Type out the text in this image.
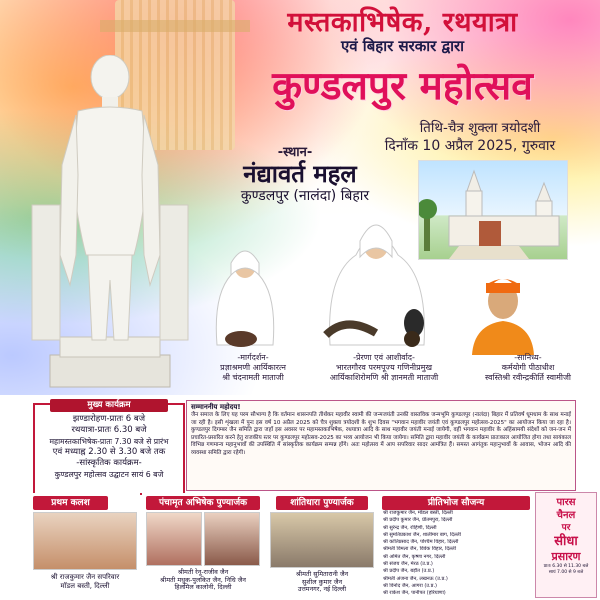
मस्तकाभिषेक, रथयात्रा
एवं बिहार सरकार द्वारा
कुण्डलपुर महोत्सव
तिथि-चैत्र शुक्ला त्रयोदशी
दिनाँक 10 अप्रैल 2025, गुरुवार
-स्थान-
नंद्यावर्त महल
कुण्डलपुर (नालंदा) बिहार
-मार्गदर्शन-
प्रज्ञाश्रमणी आर्यिकारत्न
श्री चंदनामती माताजी
-प्रेरणा एवं आशीर्वाद-
भारतगौरव परमपूज्य गणिनीप्रमुख
आर्यिकाशिरोमणि श्री ज्ञानमती माताजी
-सानिध्य-
कर्मयोगी पीठाधीश
स्वस्तिश्री रवीन्द्रकीर्ति स्वामीजी
मुख्य कार्यक्रम
झण्डारोहण-प्रातः 6 बजे
रथयात्रा-प्रातः 6.30 बजे
महामस्तकाभिषेक-प्रातः 7.30 बजे से प्रारंभ
एवं मध्याह्न 2.30 से 3.30 बजे तक
-सांस्कृतिक कार्यक्रम-
कुण्डलपुर महोत्सव उद्घाटन सायं 6 बजे
सम्माननीय महोदय!
जैन समाज के लिए यह परम सौभाग्य है कि वर्तमान शासनपति तीर्थंकर महावीर स्वामी की जन्मजयंती उनकी वास्तविक जन्मभूमि कुण्डलपुर (नालंदा) बिहार में प्रतिवर्ष धूमधाम के साथ मनाई जा रही है। इसी शृंखला में पुनः इस वर्ष 10 अप्रैल 2025 को चैत्र शुक्ला त्रयोदशी के शुभ दिवस "भगवान महावीर जयंती एवं कुण्डलपुर महोत्सव-2025" का आयोजन किया जा रहा है। कुण्डलपुर दिगम्बर जैन समिति द्वारा जहाँ इस अवसर पर महामस्तकाभिषेक, रथयात्रा आदि के साथ महावीर जयंती मनाई जायेगी, वहीं भगवान महावीर के अहिंसामयी संदेशों को जन-जन में प्रचारित-प्रसारित करने हेतु राजकीय स्तर पर कुण्डलपुर महोत्सव-2025 का भव्य आयोजन भी किया जायेगा। समिति द्वारा महावीर जयंती के कार्यक्रम प्रातःकाल आयोजित होगा तथा सायंकाल विभिन्न गणमान्य महानुभावों की उपस्थिति में सांस्कृतिक कार्यक्रम सम्पन्न होंगे। अतः महोत्सव में आप सपरिवार सादर आमंत्रित हैं। समस्त आगंतुक महानुभावों के आवास, भोजन आदि की व्यवस्था समिति द्वारा रहेगी।
प्रथम कलश
श्री राजकुमार जैन सपरिवार
मॉडल बस्ती, दिल्ली
पंचामृत अभिषेक पुण्यार्जक
श्रीमती रेनू-राजीव जैन
श्रीमती मधुक-पुलकित जैन, निधि जैन
हिलमिल कालोनी, दिल्ली
शांतिधारा पुण्यार्जक
श्रीमती सुमितारानी जैन
सुशील कुमार जैन
उत्तमनगर, नई दिल्ली
प्रीतिभोज सौजन्य
श्री राजकुमार जैन, मॉडल बस्ती, दिल्ली
श्री प्रदीप कुमार जैन, प्रीतमपुरा, दिल्ली
श्री सुरेन्द्र जैन, रोहिणी, दिल्ली
श्री सुमतिप्रकाश जैन, शालीमार बाग, दिल्ली
श्री कांतिप्रसाद जैन, पश्चिम विहार, दिल्ली
श्रीमती विमला जैन, विवेक विहार, दिल्ली
श्री अमित जैन, कृष्णा नगर, दिल्ली
श्री संजय जैन, मेरठ (उ.प्र.)
श्री प्रदीप जैन, बड़ौत (उ.प्र.)
श्रीमती अंजना जैन, लखनऊ (उ.प्र.)
श्री विनोद जैन, आगरा (उ.प्र.)
श्री राकेश जैन, पानीपत (हरियाणा)
पारस
चैनल
पर
सीधा
प्रसारण
प्रातः 6.30 से 11.30 बजे
सायं 7.00 से 9 बजे
